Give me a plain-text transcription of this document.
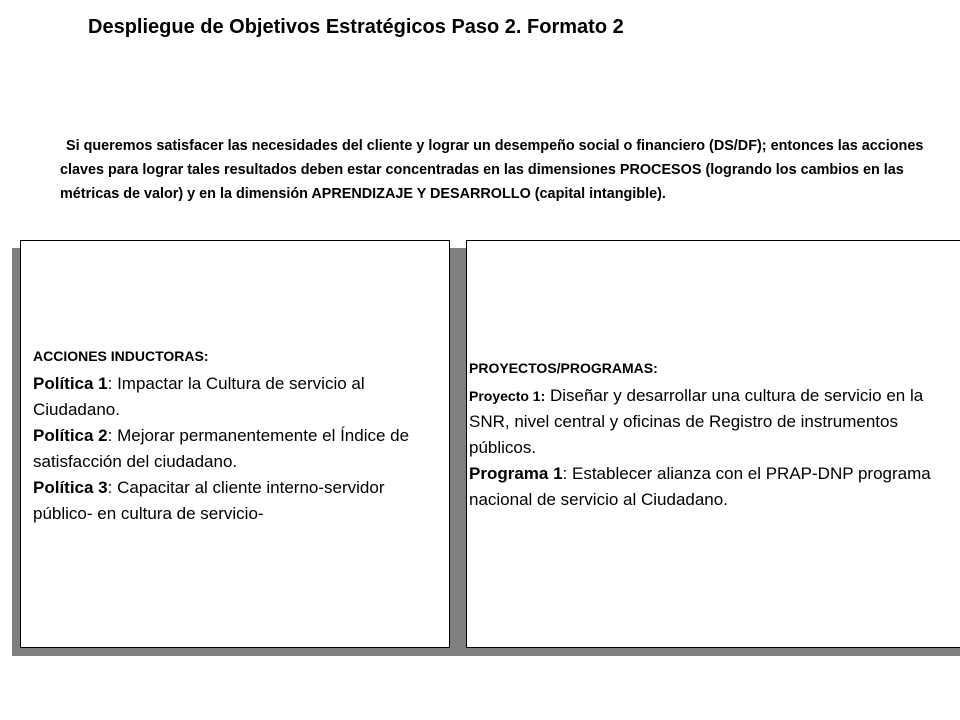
Despliegue de Objetivos Estratégicos Paso 2. Formato 2

Si queremos satisfacer las necesidades del cliente y lograr un desempeño social o financiero (DS/DF); entonces las acciones claves para lograr tales resultados deben estar concentradas en las dimensiones PROCESOS (logrando los cambios en las métricas de valor) y en la dimensión APRENDIZAJE Y DESARROLLO (capital intangible).

ACCIONES INDUCTORAS:

Política 1: Impactar la Cultura de servicio al Ciudadano.

Política 2: Mejorar permanentemente el Índice de satisfacción del ciudadano.

Política 3: Capacitar al cliente interno-servidor público- en cultura de servicio-

PROYECTOS/PROGRAMAS:

Proyecto 1: Diseñar y desarrollar una cultura de servicio en la SNR, nivel central y oficinas de Registro de instrumentos públicos.

Programa 1: Establecer alianza con el PRAP-DNP programa nacional de servicio al Ciudadano.
